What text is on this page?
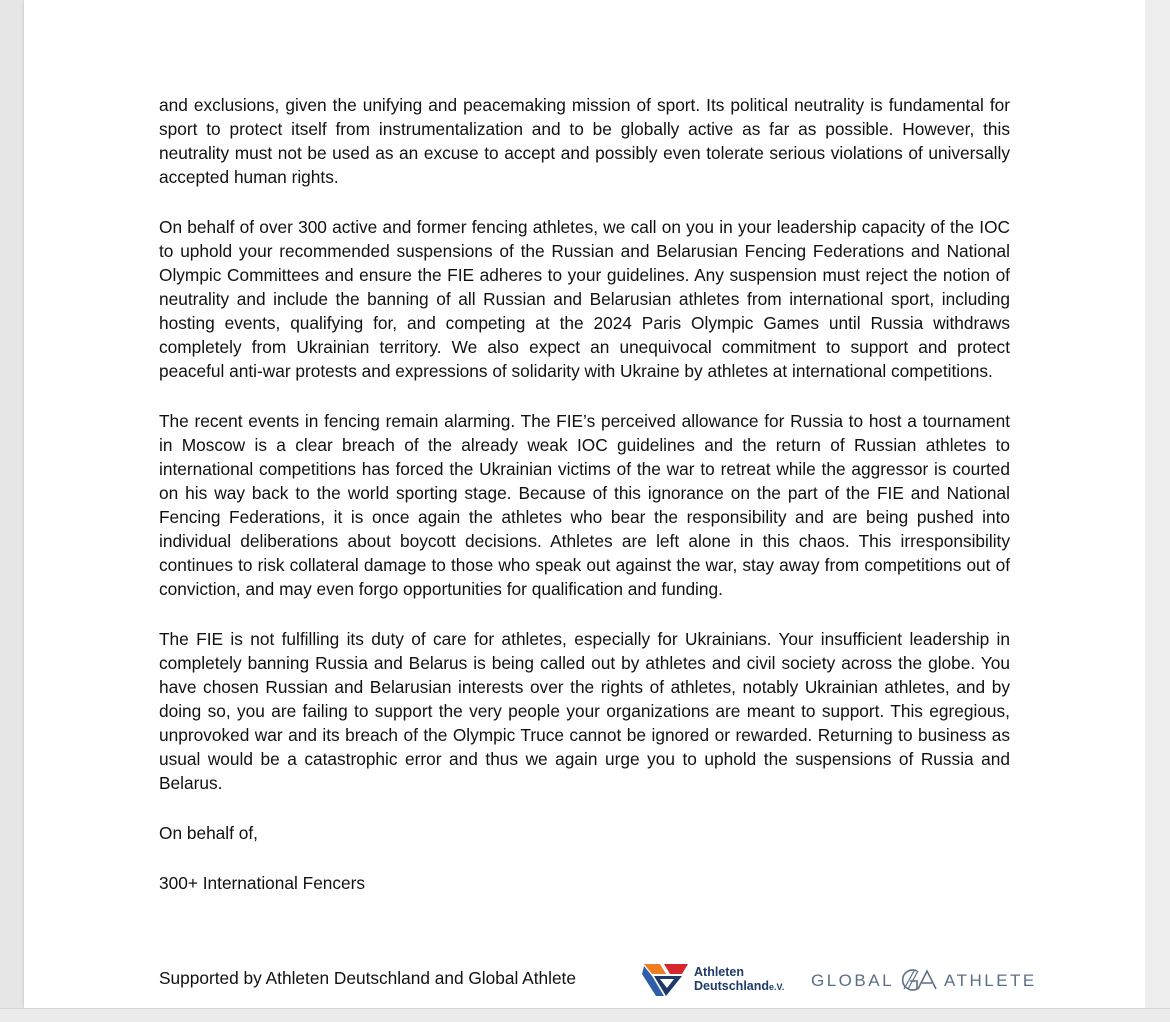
and exclusions, given the unifying and peacemaking mission of sport. Its political neutrality is fundamental for sport to protect itself from instrumentalization and to be globally active as far as possible. However, this neutrality must not be used as an excuse to accept and possibly even tolerate serious violations of universally accepted human rights.

On behalf of over 300 active and former fencing athletes, we call on you in your leadership capacity of the IOC to uphold your recommended suspensions of the Russian and Belarusian Fencing Federations and National Olympic Committees and ensure the FIE adheres to your guidelines. Any suspension must reject the notion of neutrality and include the banning of all Russian and Belarusian athletes from international sport, including hosting events, qualifying for, and competing at the 2024 Paris Olympic Games until Russia withdraws completely from Ukrainian territory. We also expect an unequivocal commitment to support and protect peaceful anti-war protests and expressions of solidarity with Ukraine by athletes at international competitions.

The recent events in fencing remain alarming. The FIE’s perceived allowance for Russia to host a tournament in Moscow is a clear breach of the already weak IOC guidelines and the return of Russian athletes to international competitions has forced the Ukrainian victims of the war to retreat while the aggressor is courted on his way back to the world sporting stage. Because of this ignorance on the part of the FIE and National Fencing Federations, it is once again the athletes who bear the responsibility and are being pushed into individual deliberations about boycott decisions. Athletes are left alone in this chaos. This irresponsibility continues to risk collateral damage to those who speak out against the war, stay away from competitions out of conviction, and may even forgo opportunities for qualification and funding.

The FIE is not fulfilling its duty of care for athletes, especially for Ukrainians. Your insufficient leadership in completely banning Russia and Belarus is being called out by athletes and civil society across the globe. You have chosen Russian and Belarusian interests over the rights of athletes, notably Ukrainian athletes, and by doing so, you are failing to support the very people your organizations are meant to support. This egregious, unprovoked war and its breach of the Olympic Truce cannot be ignored or rewarded. Returning to business as usual would be a catastrophic error and thus we again urge you to uphold the suspensions of Russia and Belarus.

On behalf of,

300+ International Fencers

Supported by Athleten Deutschland and Global Athlete	Athleten
Deutschlande.V. GLOBAL	ATHLETE
